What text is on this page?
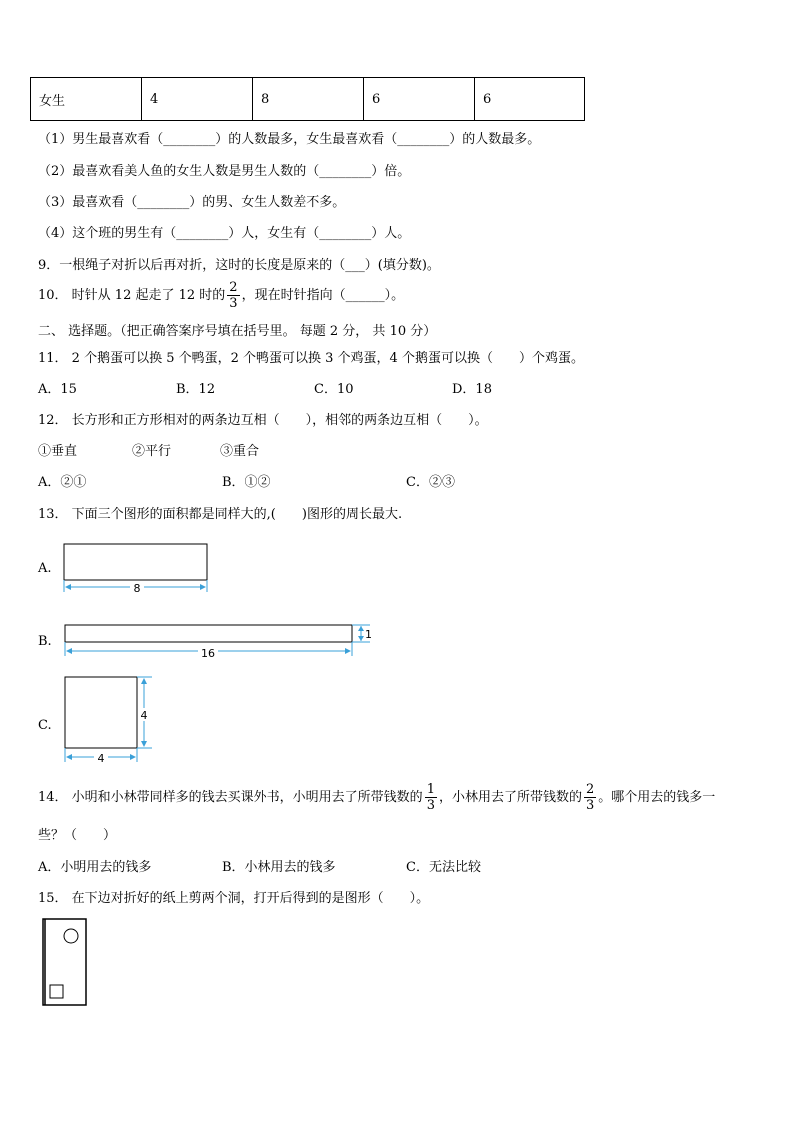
女生	4	8	6	6
（1）男生最喜欢看（________）的人数最多，女生最喜欢看（________）的人数最多。
（2）最喜欢看美人鱼的女生人数是男生人数的（________）倍。
（3）最喜欢看（________）的男、女生人数差不多。
（4）这个班的男生有（________）人，女生有（________）人。
9．一根绳子对折以后再对折，这时的长度是原来的（___）(填分数)。
10． 时针从 12 起走了 12 时的 $\frac{2}{3}$ ，现在时针指向（______）。
二、 选择题。（把正确答案序号填在括号里。 每题 2 分， 共 10 分）
11． 2 个鹅蛋可以换 5 个鸭蛋，2 个鸭蛋可以换 3 个鸡蛋，4 个鹅蛋可以换（　　）个鸡蛋。
A．15	B．12	C．10	D．18
12． 长方形和正方形相对的两条边互相（　　），相邻的两条边互相（　　）。
①垂直	②平行	③重合
A．②①	B．①②	C．②③
13． 下面三个图形的面积都是同样大的,(　　)图形的周长最大.
A.
8
B.
16
1
C.
4
4
14． 小明和小林带同样多的钱去买课外书，小明用去了所带钱数的 $\frac{1}{3}$ ，小林用去了所带钱数的 $\frac{2}{3}$ 。哪个用去的钱多一
些？（　　）
A．小明用去的钱多	B．小林用去的钱多	C．无法比较
15． 在下边对折好的纸上剪两个洞，打开后得到的是图形（　　）。
